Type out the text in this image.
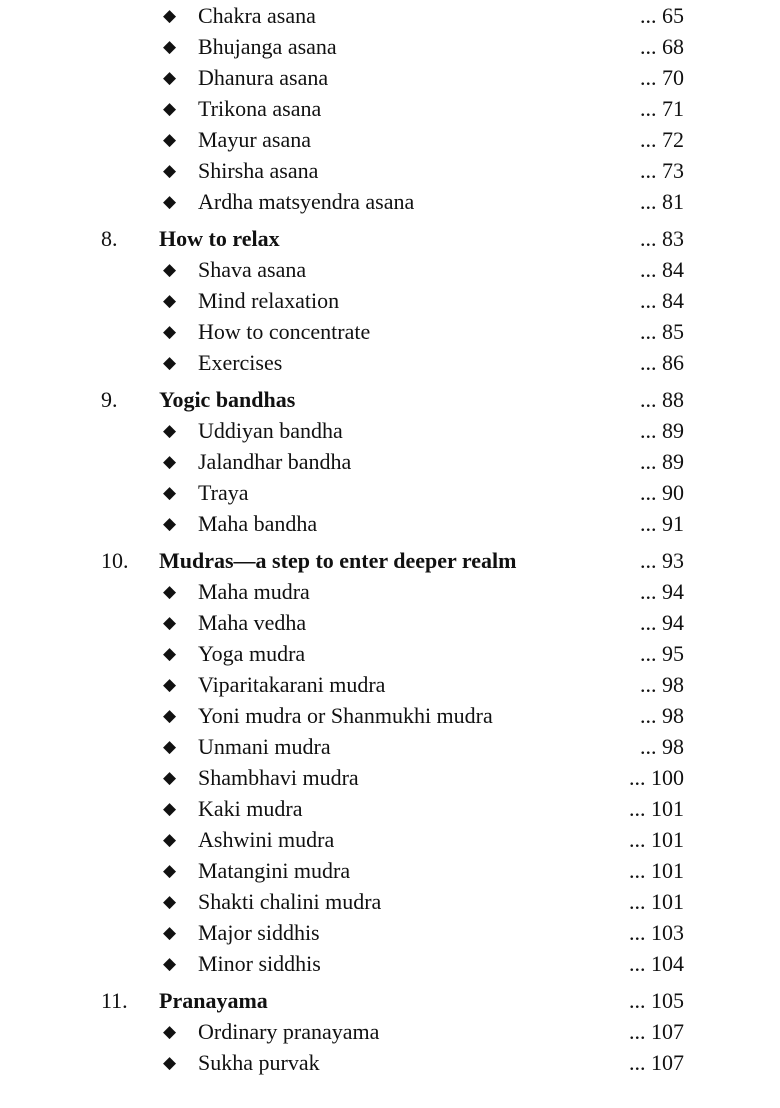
◆ Chakra asana	... 65
◆ Bhujanga asana	... 68
◆ Dhanura asana	... 70
◆ Trikona asana	... 71
◆ Mayur asana	... 72
◆ Shirsha asana	... 73
◆ Ardha matsyendra asana	... 81
8. How to relax	... 83
◆ Shava asana	... 84
◆ Mind relaxation	... 84
◆ How to concentrate	... 85
◆ Exercises	... 86
9. Yogic bandhas	... 88
◆ Uddiyan bandha	... 89
◆ Jalandhar bandha	... 89
◆ Traya	... 90
◆ Maha bandha	... 91
10. Mudras—a step to enter deeper realm	... 93
◆ Maha mudra	... 94
◆ Maha vedha	... 94
◆ Yoga mudra	... 95
◆ Viparitakarani mudra	... 98
◆ Yoni mudra or Shanmukhi mudra	... 98
◆ Unmani mudra	... 98
◆ Shambhavi mudra	... 100
◆ Kaki mudra	... 101
◆ Ashwini mudra	... 101
◆ Matangini mudra	... 101
◆ Shakti chalini mudra	... 101
◆ Major siddhis	... 103
◆ Minor siddhis	... 104
11. Pranayama	... 105
◆ Ordinary pranayama	... 107
◆ Sukha purvak	... 107
